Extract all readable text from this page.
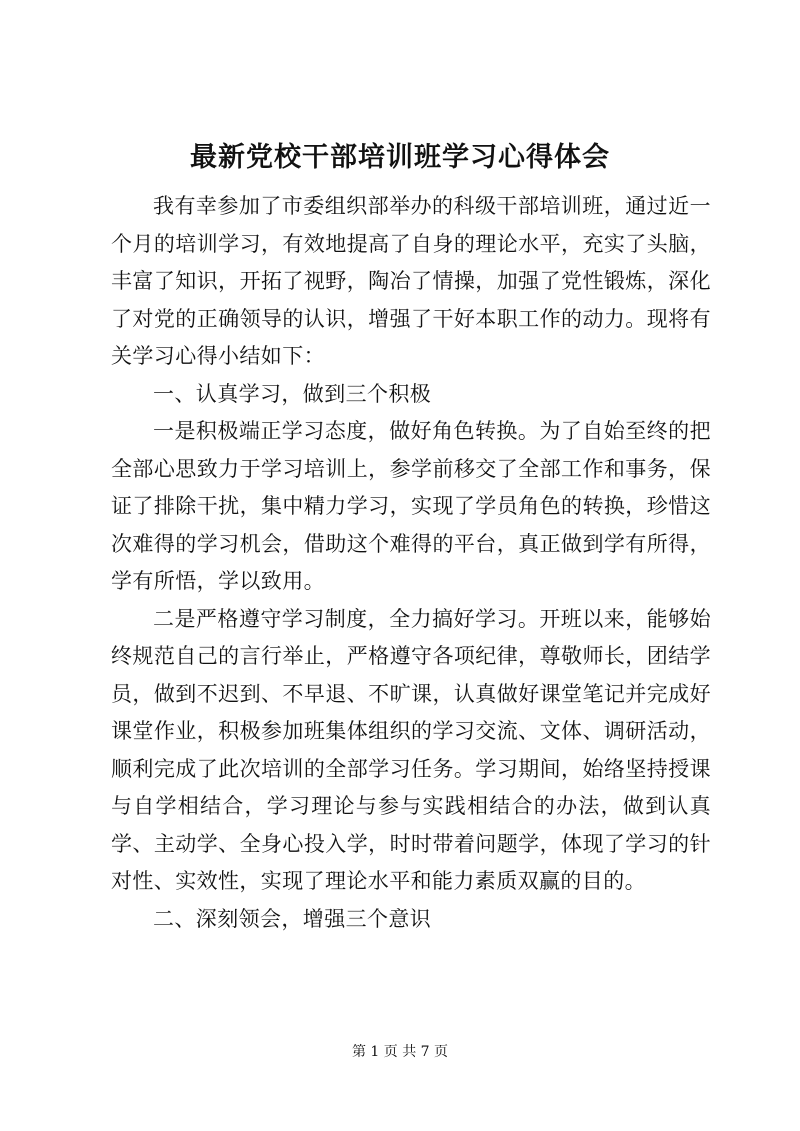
最新党校干部培训班学习心得体会

我有幸参加了市委组织部举办的科级干部培训班，通过近一个月的培训学习，有效地提高了自身的理论水平，充实了头脑，丰富了知识，开拓了视野，陶冶了情操，加强了党性锻炼，深化了对党的正确领导的认识，增强了干好本职工作的动力。现将有关学习心得小结如下：

一、认真学习，做到三个积极

一是积极端正学习态度，做好角色转换。为了自始至终的把全部心思致力于学习培训上，参学前移交了全部工作和事务，保证了排除干扰，集中精力学习，实现了学员角色的转换，珍惜这次难得的学习机会，借助这个难得的平台，真正做到学有所得，学有所悟，学以致用。

二是严格遵守学习制度，全力搞好学习。开班以来，能够始终规范自己的言行举止，严格遵守各项纪律，尊敬师长，团结学员，做到不迟到、不早退、不旷课，认真做好课堂笔记并完成好课堂作业，积极参加班集体组织的学习交流、文体、调研活动，顺利完成了此次培训的全部学习任务。学习期间，始络坚持授课与自学相结合，学习理论与参与实践相结合的办法，做到认真学、主动学、全身心投入学，时时带着问题学，体现了学习的针对性、实效性，实现了理论水平和能力素质双赢的目的。

二、深刻领会，增强三个意识

第 1 页 共 7 页
